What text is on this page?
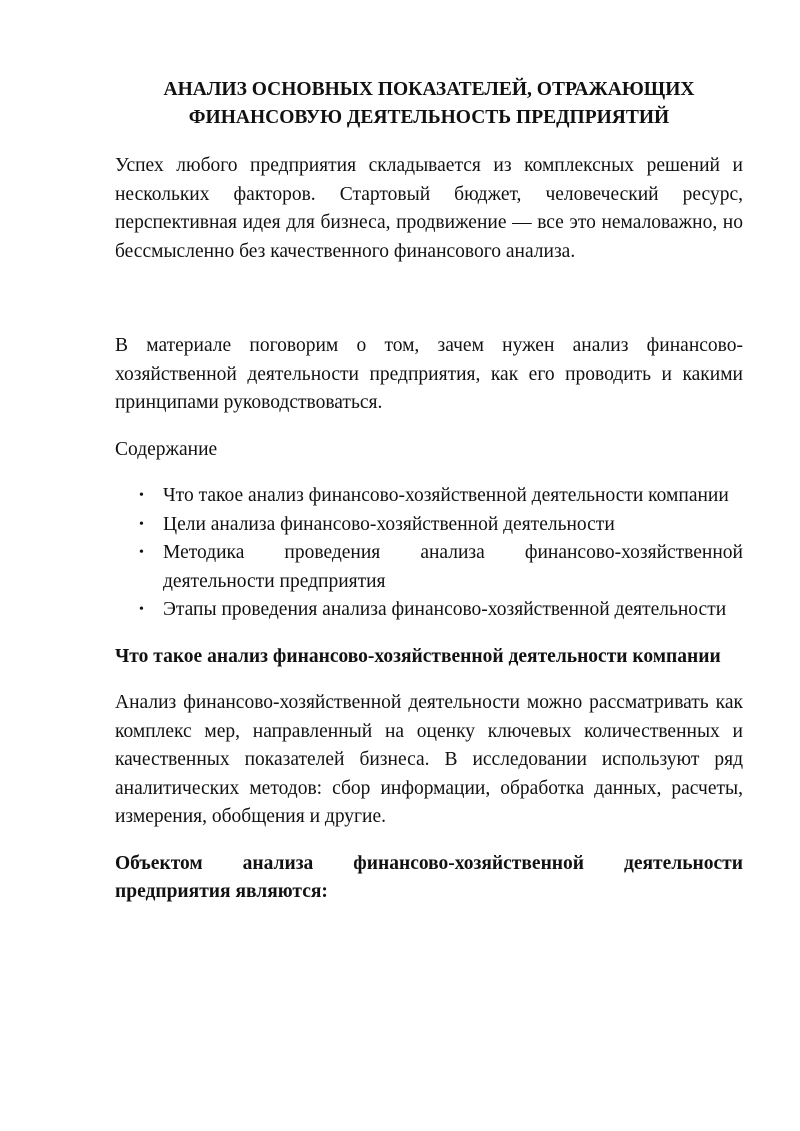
АНАЛИЗ ОСНОВНЫХ ПОКАЗАТЕЛЕЙ, ОТРАЖАЮЩИХ ФИНАНСОВУЮ ДЕЯТЕЛЬНОСТЬ ПРЕДПРИЯТИЙ

Успех любого предприятия складывается из комплексных решений и нескольких факторов. Стартовый бюджет, человеческий ресурс, перспективная идея для бизнеса, продвижение — все это немаловажно, но бессмысленно без качественного финансового анализа.

В материале поговорим о том, зачем нужен анализ финансово-хозяйственной деятельности предприятия, как его проводить и какими принципами руководствоваться.

Содержание

• Что такое анализ финансово-хозяйственной деятельности компании
• Цели анализа финансово-хозяйственной деятельности
• Методика проведения анализа финансово-хозяйственной деятельности предприятия
• Этапы проведения анализа финансово-хозяйственной деятельности

Что такое анализ финансово-хозяйственной деятельности компании

Анализ финансово-хозяйственной деятельности можно рассматривать как комплекс мер, направленный на оценку ключевых количественных и качественных показателей бизнеса. В исследовании используют ряд аналитических методов: сбор информации, обработка данных, расчеты, измерения, обобщения и другие.

Объектом анализа финансово-хозяйственной деятельности предприятия являются:
